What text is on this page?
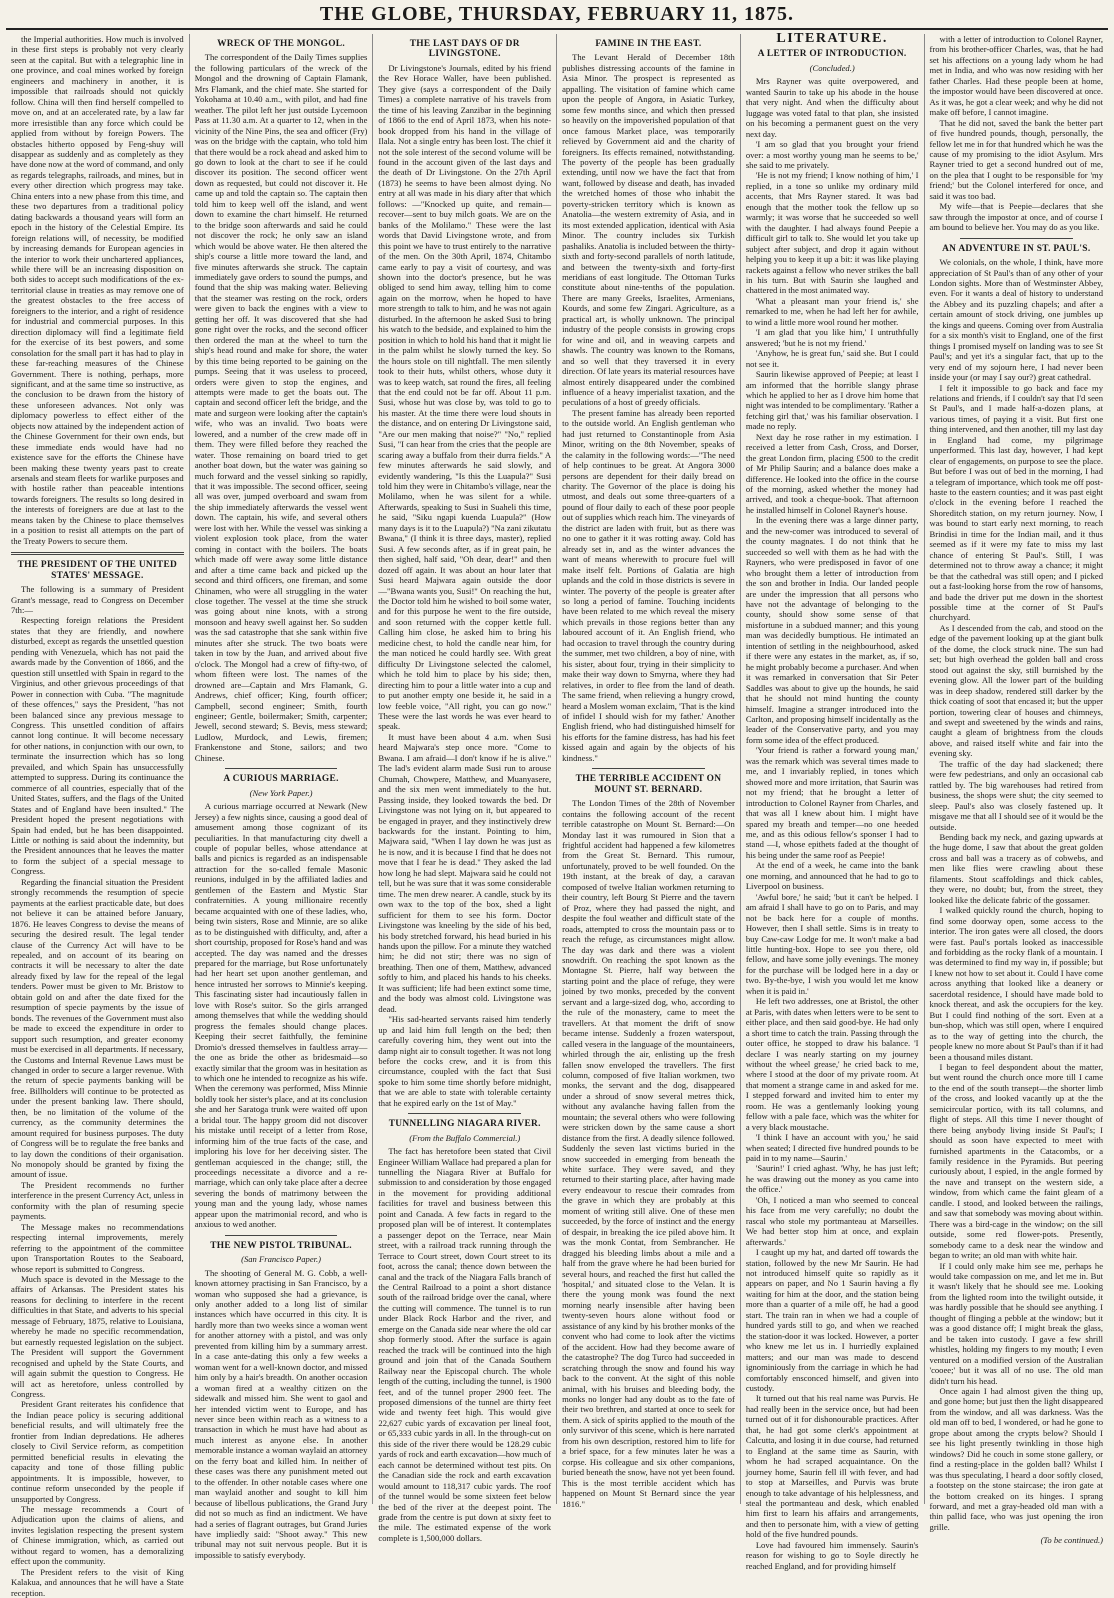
THE GLOBE, THURSDAY, FEBRUARY 11, 1875.

the Imperial authorities. How much is involved in these first steps is probably not very clearly seen at the capital. But with a telegraphic line in one province, and coal mines worked by foreign engineers and machinery in another, it is impossible that railroads should not quickly follow. China will then find herself compelled to move on, and at an accelerated rate, by a law far more irresistible than any force which could be applied from without by foreign Powers. The obstacles hitherto opposed by Feng-shuy will disappear as suddenly and as completely as they have done now at the word of command, and only as regards telegraphs, railroads, and mines, but in every other direction which progress may take. China enters into a new phase from this time, and these two departures from a traditional policy dating backwards a thousand years will form an epoch in the history of the Celestial Empire. Its foreign relations will, of necessity, be modified by increasing demands for European agencies in the interior to work their unchartered appliances, while there will be an increasing disposition on both sides to accept such modifications of the ex-territorial clause in treaties as may remove one of the greatest obstacles to the free access of foreigners to the interior, and a right of residence for industrial and commercial purposes. In this direction diplomacy will find a legitimate field for the exercise of its best powers, and some consolation for the small part it has had to play in these far-reaching measures of the Chinese Government. There is nothing, perhaps, more significant, and at the same time so instructive, as the conclusion to be drawn from the history of these unforeseen advances. Not only was diplomacy powerless to effect either of the objects now attained by the independent action of the Chinese Government for their own ends, but these immediate ends would have had no existence save for the efforts the Chinese have been making these twenty years past to create arsenals and steam fleets for warlike purposes and with hostile rather than peaceable intentions towards foreigners. The results so long desired in the interests of foreigners are due at last to the means taken by the Chinese to place themselves in a position to resist all attempts on the part of the Treaty Powers to secure them.

THE PRESIDENT OF THE UNITED STATES' MESSAGE.

The following is a summary of President Grant's message, read to Congress on December 7th:—

Respecting foreign relations the President states that they are friendly, and nowhere disturbed, except as regards the unsettled question pending with Venezuela, which has not paid the awards made by the Convention of 1866, and the question still unsettled with Spain in regard to the Virginius, and other grievous proceedings of that Power in connection with Cuba. "The magnitude of these offences," says the President, "has not been balanced since any previous message to Congress. This unsettled condition of affairs cannot long continue. It will become necessary for other nations, in conjunction with our own, to terminate the insurrection which has so long prevailed, and which Spain has unsuccessfully attempted to suppress. During its continuance the commerce of all countries, especially that of the United States, suffers, and the flags of the United States and of England have been insulted." The President hoped the present negotiations with Spain had ended, but he has been disappointed. Little or nothing is said about the indemnity, but the President announces that he leaves the matter to form the subject of a special message to Congress.

Regarding the financial situation the President strongly recommends the resumption of specie payments at the earliest practicable date, but does not believe it can be attained before January, 1876. He leaves Congress to devise the means of securing the desired result. The legal tender clause of the Currency Act will have to be repealed, and on account of its bearing on contracts it will be necessary to alter the date already fixed by law for the repeal of the legal tenders. Power must be given to Mr. Bristow to obtain gold on and after the date fixed for the resumption of specie payments by the issue of bonds. The revenues of the Government must also be made to exceed the expenditure in order to support such resumption, and greater economy must be exercised in all departments. If necessary, the Customs and Internal Revenue Laws must be changed in order to secure a larger revenue. With the return of specie payments banking will be free. Billholders will continue to be protected as under the present banking law. There should, then, be no limitation of the volume of the currency, as the community determines the amount required for business purposes. The duty of Congress will be to regulate the free banks and to lay down the conditions of their organisation. No monopoly should be granted by fixing the amount of issue.

The President recommends no further interference in the present Currency Act, unless in conformity with the plan of resuming specie payments.

The Message makes no recommendations respecting internal improvements, merely referring to the appointment of the committee upon Transportation Routes to the Seaboard, whose report is submitted to Congress.

Much space is devoted in the Message to the affairs of Arkansas. The President states his reasons for declining to interfere in the recent difficulties in that State, and adverts to his special message of February, 1875, relative to Louisiana, whereby he made no specific recommendation, but earnestly requested legislation on the subject. The President will support the Government recognised and upheld by the State Courts, and will again submit the question to Congress. He will act as heretofore, unless controlled by Congress.

President Grant reiterates his confidence that the Indian peace policy is securing additional beneficial results, and will ultimately free the frontier from Indian depredations. He adheres closely to Civil Service reform, as competition permitted beneficial results in elevating the capacity and tone of those filling public appointments. It is impossible, however, to continue reform unseconded by the people if unsupported by Congress.

The message recommends a Court of Adjudication upon the claims of aliens, and invites legislation respecting the present system of Chinese immigration, which, as carried out without regard to women, has a demoralizing effect upon the community.

The President refers to the visit of King Kalakua, and announces that he will have a State reception.

WRECK OF THE MONGOL.

The correspondent of the Daily Times supplies the following particulars of the wreck of the Mongol and the drowning of Captain Flamank, Mrs Flamank, and the chief mate. She started for Yokohama at 10.40 a.m., with pilot, and had fine weather. The pilot left her just outside Lycemoon Pass at 11.30 a.m. At a quarter to 12, when in the vicinity of the Nine Pins, the sea and officer (Fry) was on the bridge with the captain, who told him that there would be a rock ahead and asked him to go down to look at the chart to see if he could discover its position. The second officer went down as requested, but could not discover it. He came up and told the captain so. The captain then told him to keep well off the island, and went down to examine the chart himself. He returned to the bridge soon afterwards and said he could not discover the rock; he only saw an island which would be above water. He then altered the ship's course a little more toward the land, and five minutes afterwards she struck. The captain immediately gave orders to sound the pumps, and found that the ship was making water. Believing that the steamer was resting on the rock, orders were given to back the engines with a view to getting her off. It was discovered that she had gone right over the rocks, and the second officer then ordered the man at the wheel to turn the ship's head round and make for shore, the water by this time being reported to be gaining on the pumps. Seeing that it was useless to proceed, orders were given to stop the engines, and attempts were made to get the boats out. The captain and second officer left the bridge, and the mate and surgeon were looking after the captain's wife, who was an invalid. Two boats were lowered, and a number of the crew made off in them. They were filled before they reached the water. Those remaining on board tried to get another boat down, but the water was gaining so much forward and the vessel sinking so rapidly, that it was impossible. The second officer, seeing all was over, jumped overboard and swam from the ship immediately afterwards the vessel went down. The captain, his wife, and several others were lost with her. While the vessel was sinking a violent explosion took place, from the water coming in contact with the boilers. The boats which made off were away some little distance and after a time came back and picked up the second and third officers, one fireman, and some Chinamen, who were all struggling in the water close together. The vessel at the time she struck was going about nine knots, with a strong monsoon and heavy swell against her. So sudden was the sad catastrophe that she sank within five minutes after she struck. The two boats were taken in tow by the Juan, and arrived about five o'clock. The Mongol had a crew of fifty-two, of whom fifteen were lost. The names of the drowned are—Captain and Mrs Flamank, G. Andrews, chief officer; King, fourth officer; Campbell, second engineer; Smith, fourth engineer; Gentle, boilermaker; Smith, carpenter; Jewell, second steward; S. Bevis, mess steward; Ludlow, Murdock, and Lewis, firemen; Frankenstone and Stone, sailors; and two Chinese.

A CURIOUS MARRIAGE.
(New York Paper.)

A curious marriage occurred at Newark (New Jersey) a few nights since, causing a good deal of amusement among those cognizant of its peculiarities. In that manufacturing city dwell a couple of popular belles, whose attendance at balls and picnics is regarded as an indispensable attraction for the so-called female Masonic reunions, indulged in by the affiliated ladies and gentlemen of the Eastern and Mystic Star confraternities. A young millionaire recently became acquainted with one of these ladies, who, being twin sisters, Rose and Minnie, are so alike as to be distinguished with difficulty, and, after a short courtship, proposed for Rose's hand and was accepted. The day was named and the dresses prepared for the marriage, but Rose unfortunately had her heart set upon another gentleman, and hence intrusted her sorrows to Minnie's keeping. This fascinating sister had incautiously fallen in love with Rose's suitor. So the girls arranged among themselves that while the wedding should progress the females should change places. Keeping their secret faithfully, the feminine Dromio's dressed themselves in faultless array—the one as bride the other as bridesmaid—so exactly similar that the groom was in hesitation as to which one he intended to recognize as his wife. When the ceremony was performed, Miss Minnie boldly took her sister's place, and at its conclusion she and her Saratoga trunk were waited off upon a bridal tour. The happy groom did not discover his mistake until receipt of a letter from Rose, informing him of the true facts of the case, and imploring his love for her deceiving sister. The gentleman acquiesced in the change; still, the proceedings necessitate a divorce and a re-marriage, which can only take place after a decree severing the bonds of matrimony between the young man and the young lady, whose names appear upon the matrimonial record, and who is anxious to wed another.

THE NEW PISTOL TRIBUNAL.
(San Francisco Paper.)

The shooting of General M. G. Cobb, a well-known attorney practising in San Francisco, by a woman who supposed she had a grievance, is only another added to a long list of similar instances which have occurred in this city. It is hardly more than two weeks since a woman went for another attorney with a pistol, and was only prevented from killing him by a summary arrest. In a case ante-dating this only a few weeks a woman went for a well-known doctor, and missed him only by a hair's breadth. On another occasion a woman fired at a wealthy citizen on the sidewalk and missed him. She went to gaol and her intended victim went to Europe, and has never since been within reach as a witness to a transaction in which he must have had about as much interest as anyone else. In another memorable instance a woman waylaid an attorney on the ferry boat and killed him. In neither of these cases was there any punishment meted out to the offender. In other notable cases where one man waylaid another and sought to kill him because of libellous publications, the Grand Jury did not so much as find an indictment. We have had a series of flagrant outrages, but Grand Juries have impliedly said: "Shoot away." This new tribunal may not suit nervous people. But it is impossible to satisfy everybody.

THE LAST DAYS OF DR LIVINGSTONE.

Dr Livingstone's Journals, edited by his friend the Rev Horace Waller, have been published. They give (says a correspondent of the Daily Times) a complete narrative of his travels from the time of his leaving Zanzibar in the beginning of 1866 to the end of April 1873, when his note-book dropped from his hand in the village of Ilala. Not a single entry has been lost. The chief it not the sole interest of the second volume will be found in the account given of the last days and the death of Dr Livingstone. On the 27th April (1873) he seems to have been almost dying. No entry at all was made in his diary after that which follows: —"Knocked up quite, and remain—recover—sent to buy milch goats. We are on the banks of the Molilamo." These were the last words that David Livingstone wrote, and from this point we have to trust entirely to the narrative of the men. On the 30th April, 1874, Chitambo came early to pay a visit of courtesy, and was shown into the doctor's presence, but he was obliged to send him away, telling him to come again on the morrow, when he hoped to have more strength to talk to him, and he was not again disturbed. In the afternoon he asked Susi to bring his watch to the bedside, and explained to him the position in which to hold his hand that it might lie in the palm whilst he slowly turned the key. So the hours stole on till nightfall. The men silently took to their huts, whilst others, whose duty it was to keep watch, sat round the fires, all feeling that the end could not be far off. About 11 p.m. Susi, whose hut was close by, was told to go to his master. At the time there were loud shouts in the distance, and on entering Dr Livingstone said, "Are our men making that noise?" "No," replied Susi, "I can hear from the cries that the people are scaring away a buffalo from their durra fields." A few minutes afterwards he said slowly, and evidently wandering, "Is this the Luapula?" Susi told him they were in Chitambo's village, near the Molilamo, when he was silent for a while. Afterwards, speaking to Susi in Suaheli this time, he said, "Siku ngapi kuenda Luapula?" (How many days is it to the Luapula?) "Na zani zikutatu Bwana," (I think it is three days, master), replied Susi. A few seconds after, as if in great pain, he then sighed, half said, "Oh dear, dear!" and then dozed off again. It was about an hour later that Susi heard Majwara again outside the door—"Bwana wants you, Susi!" On reaching the hut, the Doctor told him he wished to boil some water, and for this purpose he went to the fire outside, and soon returned with the copper kettle full. Calling him close, he asked him to bring his medicine chest, to hold the candle near him, for the man noticed he could hardly see. With great difficulty Dr Livingstone selected the calomel, which he told him to place by his side; then, directing him to pour a little water into a cup and to put another empty one beside it, he said in a low feeble voice, "All right, you can go now." These were the last words he was ever heard to speak.

It must have been about 4 a.m. when Susi heard Majwara's step once more. "Come to Bwana. I am afraid—I don't know if he is alive." The lad's evident alarm made Susi run to arouse Chumah, Chowpere, Matthew, and Muanyasere, and the six men went immediately to the hut. Passing inside, they looked towards the bed. Dr Livingstone was not lying on it, but appeared to be engaged in prayer, and they instinctively drew backwards for the instant. Pointing to him, Majwara said, "When I lay down he was just as he is now, and it is because I find that he does not move that I fear he is dead." They asked the lad how long he had slept. Majwara said he could not tell, but he was sure that it was some considerable time. The men drew nearer. A candle, stuck by its own wax to the top of the box, shed a light sufficient for them to see his form. Doctor Livingstone was kneeling by the side of his bed, his body stretched forward, his head buried in his hands upon the pillow. For a minute they watched him; he did not stir; there was no sign of breathing. Then one of them, Matthew, advanced softly to him, and placed his hands to his cheeks. It was sufficient; life had been extinct some time, and the body was almost cold. Livingstone was dead.

"His sad-hearted servants raised him tenderly up and laid him full length on the bed; then carefully covering him, they went out into the damp night air to consult together. It was not long before the cocks crew, and it is from this circumstance, coupled with the fact that Susi spoke to him some time shortly before midnight, that we are able to state with tolerable certainty that he expired early on the 1st of May."

TUNNELLING NIAGARA RIVER.
(From the Buffalo Commercial.)

The fact has heretofore been stated that Civil Engineer William Wallace had prepared a plan for tunnelling the Niagara River at Buffalo for submission to and consideration by those engaged in the movement for providing additional facilities for travel and business between this point and Canada. A few facts in regard to the proposed plan will be of interest. It contemplates a passenger depot on the Terrace, near Main street, with a railroad track running through the Terrace to Court street, down Court street to its foot, across the canal; thence down between the canal and the track of the Niagara Falls branch of the Central Railroad to a point a short distance south of the railroad bridge over the canal, where the cutting will commence. The tunnel is to run under Black Rock Harbor and the river, and emerge on the Canada side near where the old car shop formerly stood. After the surface is again reached the track will be continued into the high ground and join that of the Canada Southern Railway near the Episcopal church. The whole length of the cutting, including the tunnel, is 1900 feet, and of the tunnel proper 2900 feet. The proposed dimensions of the tunnel are thirty feet wide and twenty feet high. This would give 22,627 cubic yards of excavation per lineal foot, or 65,333 cubic yards in all. In the through-cut on this side of the river there would be 128.29 cubic yards of rock and earth excavation—how much of each cannot be determined without test pits. On the Canadian side the rock and earth excavation would amount to 118,317 cubic yards. The roof of the tunnel would be some sixteen feet below the bed of the river at the deepest point. The grade from the centre is put down at sixty feet to the mile. The estimated expense of the work complete is 1,500,000 dollars.

FAMINE IN THE EAST.

The Levant Herald of December 18th publishes distressing accounts of the famine in Asia Minor. The prospect is represented as appalling. The visitation of famine which came upon the people of Angora, in Asiatic Turkey, some few months since, and which then pressed so heavily on the impoverished population of that once famous Market place, was temporarily relieved by Government aid and the charity of foreigners. Its effects remained, notwithstanding. The poverty of the people has been gradually extending, until now we have the fact that from want, followed by disease and death, has invaded the wretched homes of those who inhabit the poverty-stricken territory which is known as Anatolia—the western extremity of Asia, and in its most extended application, identical with Asia Minor. The country includes six Turkish pashaliks. Anatolia is included between the thirty-sixth and forty-second parallels of north latitude, and between the twenty-sixth and forty-first meridians of east longitude. The Ottoman Turks constitute about nine-tenths of the population. There are many Greeks, Israelites, Armenians, Kourds, and some few Zingari. Agriculture, as a practical art, is wholly unknown. The principal industry of the people consists in growing crops for wine and oil, and in weaving carpets and shawls. The country was known to the Romans, and so well that they traversed it in every direction. Of late years its material resources have almost entirely disappeared under the combined influence of a heavy imperialist taxation, and the peculations of a host of greedy officials.

The present famine has already been reported to the outside world. An English gentleman who had just returned to Constantinople from Asia Minor, writing on the 8th November, speaks of the calamity in the following words:—"The need of help continues to be great. At Angora 3000 persons are dependent for their daily bread on charity. The Governor of the place is doing his utmost, and deals out some three-quarters of a pound of flour daily to each of these poor people out of supplies which reach him. The vineyards of the district are laden with fruit, but as there was no one to gather it it was rotting away. Cold has already set in, and as the winter advances the want of means wherewith to procure fuel will make itself felt. Portions of Galatia are high uplands and the cold in those districts is severe in winter. The poverty of the people is greater after so long a period of famine. Touching incidents have been related to me which reveal the misery which prevails in those regions better than any laboured account of it. An English friend, who had occasion to travel through the country during the summer, met two children, a boy of nine, with his sister, about four, trying in their simplicity to make their way down to Smyrna, where they had relatives, in order to flee from the land of death. The same friend, when relieving a hungry crowd, heard a Moslem woman exclaim, 'That is the kind of infidel I should wish for my father.' Another English friend, who had distinguished himself for his efforts for the famine distress, has had his feet kissed again and again by the objects of his kindness."

THE TERRIBLE ACCIDENT ON MOUNT ST. BERNARD.

The London Times of the 28th of November contains the following account of the recent terrible catastrophe on Mount St. Bernard:—On Monday last it was rumoured in Sion that a frightful accident had happened a few kilometres from the Great St. Bernard. This rumour, unfortunately, proved to be well founded. On the 19th instant, at the break of day, a caravan composed of twelve Italian workmen returning to their country, left Bourg St Pierre and the tavern of Proz, where they had passed the night, and despite the foul weather and difficult state of the roads, attempted to cross the mountain pass or to reach the refuge, as circumstances might allow. The day was dark and there was a violent snowdrift. On reaching the spot known as the Montagne St. Pierre, half way between the starting point and the place of refuge, they were joined by two monks, preceded by the convent servant and a large-sized dog, who, according to the rule of the monastery, came to meet the travellers. At that moment the drift of snow became intense. Suddenly a frozen waterspout, called vesera in the language of the mountaineers, whirled through the air, enlisting up the fresh fallen snow enveloped the travellers. The first column, composed of five Italian workmen, two monks, the servant and the dog, disappeared under a shroud of snow several metres thick, without any avalanche having fallen from the mountain; the several others who were following were stricken down by the same cause a short distance from the first. A deadly silence followed. Suddenly the seven last victims buried in the snow succeeded in emerging from beneath the white surface. They were saved, and they returned to their starting place, after having made every endeavour to rescue their comrades from the grave in which they are probably at this moment of writing still alive. One of these men succeeded, by the force of instinct and the energy of despair, in breaking the ice piled above him. It was the monk Contat, from Sembrancher. He dragged his bleeding limbs about a mile and a half from the grave where he had been buried for several hours, and reached the first hut called the 'hospital,' and situated close to the Velan. It is there the young monk was found the next morning nearly insensible after having been twenty-seven hours alone without food or assistance of any kind by his brother monks of the convent who had come to look after the victims of the accident. How had they become aware of the catastrophe? The dog Turco had succeeded in scratching through the snow and found his way back to the convent. At the sight of this noble animal, with his bruises and bleeding body, the monks no longer had any doubt as to the fate of their two brethren, and started at once to seek for them. A sick of spirits applied to the mouth of the only survivor of this scene, which is here narrated from his own description, restored him to life for a brief space, for a few minutes later he was a corpse. His colleague and six other companions, buried beneath the snow, have not yet been found. This is the most terrible accident which has happened on Mount St Bernard since the year 1816."

LITERATURE.
A LETTER OF INTRODUCTION.
(Concluded.)

Mrs Rayner was quite overpowered, and wanted Saurin to take up his abode in the house that very night. And when the difficulty about luggage was voted fatal to that plan, she insisted on his becoming a permanent guest on the very next day.

'I am so glad that you brought your friend over: a most worthy young man he seems to be,' she said to me privately.

'He is not my friend; I know nothing of him,' I replied, in a tone so unlike my ordinary mild accents, that Mrs Rayner stared. It was bad enough that the mother took the fellow up so warmly; it was worse that he succeeded so well with the daughter. I had always found Peepie a difficult girl to talk to. She would let you take up subject after subject, and drop it again without helping you to keep it up a bit: it was like playing rackets against a fellow who never strikes the ball in his turn. But with Saurin she laughed and chattered in the most animated way.

'What a pleasant man your friend is,' she remarked to me, when he had left her for awhile, to wind a little more wool round her mother.

'I am glad that you like him,' I untruthfully answered; 'but he is not my friend.'

'Anyhow, he is great fun,' said she. But I could not see it.

Saurin likewise approved of Peepie; at least I am informed that the horrible slangy phrase which he applied to her as I drove him home that night was intended to be complimentary. 'Rather a fetching girl that,' was his familiar observation. I made no reply.

Next day he rose rather in my estimation. I received a letter from Cash, Cross, and Dorser, the great London firm, placing £500 to the credit of Mr Philip Saurin; and a balance does make a difference. He looked into the office in the course of the morning, asked whether the money had arrived, and took a cheque-book. That afternoon he installed himself in Colonel Rayner's house.

In the evening there was a large dinner party, and the new-comer was introduced to several of the county magnates. I do not think that he succeeded so well with them as he had with the Rayners, who were predisposed in favor of one who brought them a letter of introduction from the son and brother in India. Our landed people are under the impression that all persons who have not the advantage of belonging to the county, should show some sense of that misfortune in a subdued manner; and this young man was decidedly bumptious. He intimated an intention of settling in the neighbourhood, asked if there were any estates in the market, as, if so, he might probably become a purchaser. And when it was remarked in conversation that Sir Peter Saddles was about to give up the hounds, he said that he should not mind hunting the county himself. Imagine a stranger introduced into the Carlton, and proposing himself incidentally as the leader of the Conservative party, and you may form some idea of the effect produced.

'Your friend is rather a forward young man,' was the remark which was several times made to me, and I invariably replied, in tones which showed more and more irritation, that Saurin was not my friend; that he brought a letter of introduction to Colonel Rayner from Charles, and that was all I knew about him. I might have spared my breath and temper—no one heeded me, and as this odious fellow's sponser I had to stand —I, whose epithets faded at the thought of his being under the same roof as Peepie!

At the end of a week, he came into the bank one morning, and announced that he had to go to Liverpool on business.

'Awful bore,' he said; 'but it can't be helped. I am afraid I shall have to go on to Paris, and may not be back here for a couple of months. However, then I shall settle. Sims is in treaty to buy Caw-caw Lodge for me. It won't make a bad little hunting-box. Hope to see you there, old fellow, and have some jolly evenings. The money for the purchase will be lodged here in a day or two. By-the-bye, I wish you would let me know when it is paid in.'

He left two addresses, one at Bristol, the other at Paris, with dates when letters were to be sent to either place, and then said good-bye. He had only a short time to catch the train. Passing through the outer office, he stopped to draw his balance. 'I declare I was nearly starting on my journey without the wheel grease,' he cried back to me, where I stood at the door of my private room. At that moment a strange came in and asked for me. I stepped forward and invited him to enter my room. He was a gentlemanly looking young fellow with a pale face, which was the whiter for a very black moustache.

'I think I have an account with you,' he said when seated; I directed five hundred pounds to be paid in to my name—Saurin.'

'Saurin!' I cried aghast. 'Why, he has just left; he was drawing out the money as you came into the office.'

'Oh, I noticed a man who seemed to conceal his face from me very carefully; no doubt the rascal who stole my portmanteau at Marseilles. We had better stop him at once, and explain afterwards.'

I caught up my hat, and darted off towards the station, followed by the new Mr Saurin. He had not introduced himself quite so rapidly as it appears on paper, and No 1 Saurin having a fly waiting for him at the door, and the station being more than a quarter of a mile off, he had a good start. The train ran in when we had a couple of hundred yards still to go, and when we reached the station-door it was locked. However, a porter who knew me let us in. I hurriedly explained matters; and our man was made to descend ignominiously from the carriage in which he had comfortably ensconced himself, and given into custody.

It turned out that his real name was Purvis. He had really been in the service once, but had been turned out of it for dishonourable practices. After that, he had got some clerk's appointment at Calcutta, and losing it in due course, had returned to England at the same time as Saurin, with whom he had scraped acquaintance. On the journey home, Saurin fell ill with fever, and had to stop at Marseilles, and Purvis was brute enough to take advantage of his helplessness, and steal the portmanteau and desk, which enabled him first to learn his affairs and arrangements, and then to personate him, with a view of getting hold of the five hundred pounds.

Love had favoured him immensely. Saurin's reason for wishing to go to Soyle directly he reached England, and for providing himself

with a letter of introduction to Colonel Rayner, from his brother-officer Charles, was, that he had set his affections on a young lady whom he had met in India, and who was now residing with her father Charles. Had these people been at home, the impostor would have been discovered at once. As it was, he got a clear week; and why he did not make off before, I cannot imagine.

That he did not, saved the bank the better part of five hundred pounds, though, personally, the fellow let me in for that hundred which he was the cause of my promising to the idiot Asylum. Mrs Rayner tried to get a second hundred out of me, on the plea that I ought to be responsible for 'my friend;' but the Colonel interfered for once, and said it was too bad.

My wife—that is Peepie—declares that she saw through the impostor at once, and of course I am bound to believe her. You may do as you like.

AN ADVENTURE IN ST. PAUL'S.

We colonials, on the whole, I think, have more appreciation of St Paul's than of any other of your London sights. More than of Westminster Abbey, even. For it wants a deal of history to understand the Abbey and its puzzling chapels; and after a certain amount of stock driving, one jumbles up the kings and queens. Coming over from Australia for a six month's visit to England, one of the first things I promised myself on landing was to see St Paul's; and yet it's a singular fact, that up to the very end of my sojourn here, I had never been inside your (or may I say our?) great cathedral.

I felt it impossible to go back and face my relations and friends, if I couldn't say that I'd seen St Paul's, and I made half-a-dozen plans, at various times, of paying it a visit. But first one thing intervened, and then another, till my last day in England had come, my pilgrimage unperformed. This last day, however, I had kept clear of engagements, on purpose to see the place. But before I was out of bed in the morning, I had a telegram of importance, which took me off post-haste to the eastern counties; and it was past eight o'clock in the evening before I reached the Shoreditch station, on my return journey. Now, I was bound to start early next morning, to reach Brindisi in time for the Indian mail, and it thus seemed as if it were my fate to miss my last chance of entering St Paul's. Still, I was determined not to throw away a chance; it might be that the cathedral was still open; and I picked out a fast-looking horse from the row of hansoms, and bade the driver put me down in the shortest possible time at the corner of St Paul's churchyard.

As I descended from the cab, and stood on the edge of the pavement looking up at the giant bulk of the dome, the clock struck nine. The sun had set; but high overhead the golden ball and cross stood out against the sky, still burnished by the evening glow. All the lower part of the building was in deep shadow, rendered still darker by the thick coating of soot that encased it; but the upper portion, towering clear of houses and chimneys, and swept and sweetened by the winds and rains, caught a gleam of brightness from the clouds above, and raised itself white and fair into the evening sky.

The traffic of the day had slackened; there were few pedestrians, and only an occasional cab rattled by. The big warehouses had retired from business, the shops were shut; the city seemed to sleep. Paul's also was closely fastened up. It misgave me that all I should see of it would be the outside.

Bending back my neck, and gazing upwards at the huge dome, I saw that about the great golden cross and ball was a tracery as of cobwebs, and men like flies were crawling about these filaments. Stout scaffoldings and thick cables, they were, no doubt; but, from the street, they looked like the delicate fabric of the gossamer.

I walked quickly round the church, hoping to find some doorway open, some access to the interior. The iron gates were all closed, the doors were fast. Paul's portals looked as inaccessible and forbidding as the rocky flank of a mountain. I was determined to find my way in, if possible; but I knew not how to set about it. Could I have come across anything that looked like a deanery or sacerdotal residence, I should have made bold to knock thereat, and ask the occupiers for the key. But I could find nothing of the sort. Even at a bun-shop, which was still open, where I enquired as to the way of getting into the church, the people knew no more about St Paul's than if it had been a thousand miles distant.

I began to feel despondent about the matter, but went round the church once more till I came to the end of the south transept—the shorter limb of the cross, and looked vacantly up at the the semicircular portico, with its tall columns, and flight of steps. All this time I never thought of there being anybody living inside St Paul's; I should as soon have expected to meet with furnished apartments in the Catacombs, or a family residence in the Pyramids. But peering curiously about, I espied, in the angle formed by the nave and transept on the western side, a window, from which came the faint gleam of a candle. I stood, and looked between the railings, and saw that somebody was moving about within. There was a bird-cage in the window; on the sill outside, some red flower-pots. Presently, somebody came to a desk near the window and began to write; an old man with white hair.

If I could only make him see me, perhaps he would take compassion on me, and let me in. But it wasn't likely that he should see me. Looking from the lighted room into the twilight outside, it was hardly possible that he should see anything. I thought of flinging a pebble at the window; but it was a good distance off; I might break the glass, and be taken into custody. I gave a few shrill whistles, holding my fingers to my mouth; I even ventured on a modified version of the Australian 'cooee;' but it was all of no use. The old man didn't turn his head.

Once again I had almost given the thing up, and gone home; but just then the light disappeared from the window, and all was darkness. Was the old man off to bed, I wondered, or had he gone to grope about among the crypts below? Should I see his light presently twinkling in those high windows? Did he couch in some stone gallery, or find a resting-place in the golden ball? Whilst I was thus speculating, I heard a door softly closed, a footstep on the stone staircase; the iron gate at the bottom creaked on its hinges. I sprang forward, and met a gray-headed old man with a thin pallid face, who was just opening the iron grille.

(To be continued.)
